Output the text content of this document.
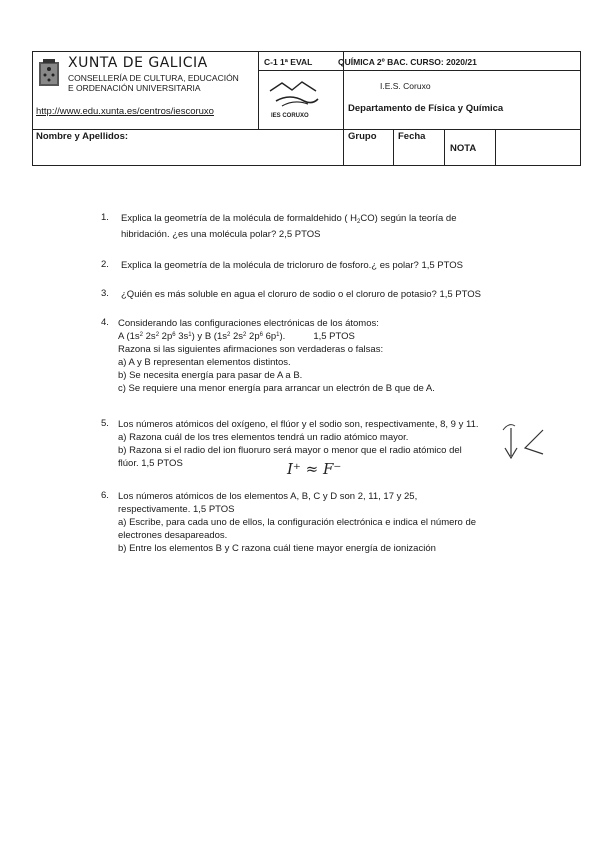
XUNTA DE GALICIA
CONSELLERÍA DE CULTURA, EDUCACIÓN
E ORDENACIÓN UNIVERSITARIA
http://www.edu.xunta.es/centros/iescoruxo
C-1 1ª EVAL	QUÍMICA 2º BAC. CURSO: 2020/21
I.E.S. Coruxo
Departamento de Física y Química
IES CORUXO
Nombre y Apellidos:	Grupo Fecha
NOTA
1. Explica la geometría de la molécula de formaldehido ( $H_2CO$) según la teoría de
hibridación. ¿es una molécula polar? 2,5 PTOS
2. Explica la geometría de la molécula de tricloruro de fosforo.¿ es polar? 1,5 PTOS
3. ¿Quién es más soluble en agua el cloruro de sodio o el cloruro de potasio? 1,5 PTOS
4. Considerando las configuraciones electrónicas de los átomos:
A ($1s^2$ $2s^2$ $2p^6$ $3s^1$) y B ($1s^2$ $2s^2$ $2p^6$ $6p^1$).	1,5 PTOS
Razona si las siguientes afirmaciones son verdaderas o falsas:
a) A y B representan elementos distintos.
b) Se necesita energía para pasar de A a B.
c) Se requiere una menor energía para arrancar un electrón de B que de A.
5. Los números atómicos del oxígeno, el flúor y el sodio son, respectivamente, 8, 9 y 11.
a) Razona cuál de los tres elementos tendrá un radio atómico mayor.
b) Razona si el radio del ion fluoruro será mayor o menor que el radio atómico del
flúor. 1,5 PTOS	I⁺ ≈ F⁻
6. Los números atómicos de los elementos A, B, C y D son 2, 11, 17 y 25,
respectivamente. 1,5 PTOS
a) Escribe, para cada uno de ellos, la configuración electrónica e indica el número de
electrones desapareados.
b) Entre los elementos B y C razona cuál tiene mayor energía de ionización
